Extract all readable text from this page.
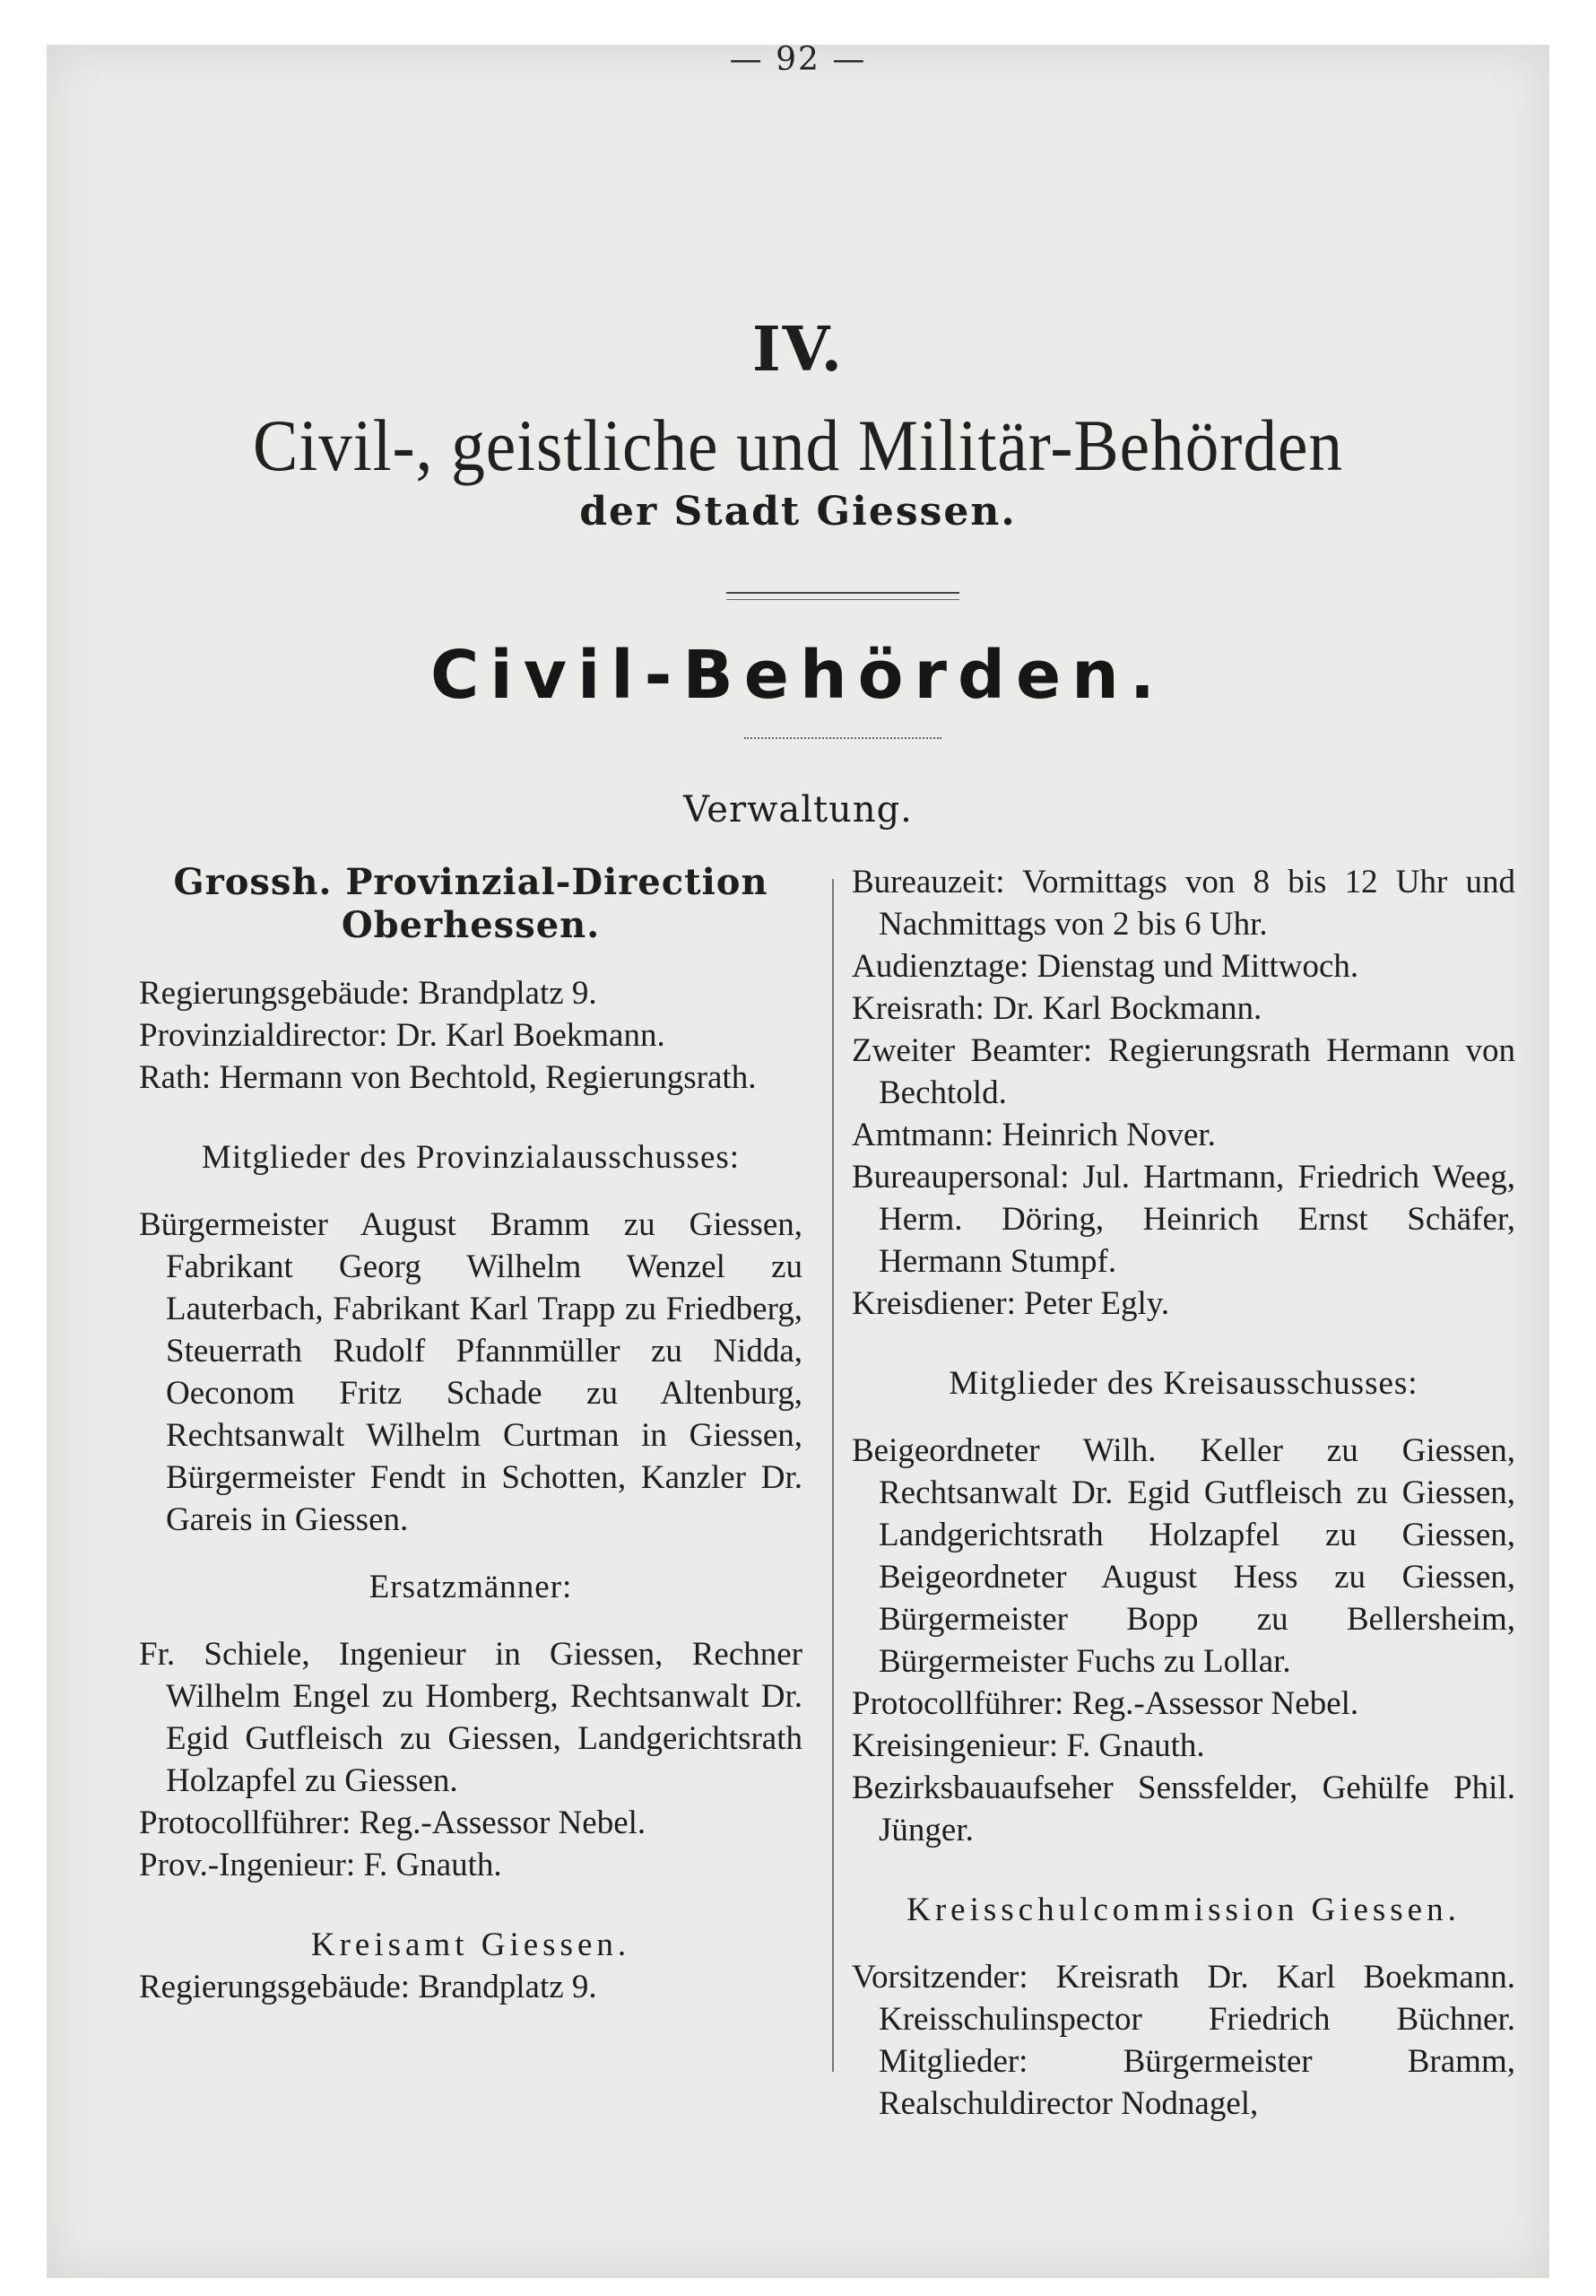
— 92 —
IV.
Civil-, geistliche und Militär-Behörden
der Stadt Giessen.
Civil-Behörden.
Verwaltung.

Grossh. Provinzial-Direction Oberhessen.

Regierungsgebäude: Brandplatz 9.

Provinzialdirector: Dr. Karl Boekmann.

Rath: Hermann von Bechtold, Regierungsrath.

Mitglieder des Provinzialausschusses:

Bürgermeister August Bramm zu Giessen, Fabrikant Georg Wilhelm Wenzel zu Lauterbach, Fabrikant Karl Trapp zu Friedberg, Steuerrath Rudolf Pfannmüller zu Nidda, Oeconom Fritz Schade zu Altenburg, Rechtsanwalt Wilhelm Curtman in Giessen, Bürgermeister Fendt in Schotten, Kanzler Dr. Gareis in Giessen.

Ersatzmänner:

Fr. Schiele, Ingenieur in Giessen, Rechner Wilhelm Engel zu Homberg, Rechtsanwalt Dr. Egid Gutfleisch zu Giessen, Landgerichtsrath Holzapfel zu Giessen.

Protocollführer: Reg.-Assessor Nebel.

Prov.-Ingenieur: F. Gnauth.

Kreisamt Giessen.

Regierungsgebäude: Brandplatz 9.

Bureauzeit: Vormittags von 8 bis 12 Uhr und Nachmittags von 2 bis 6 Uhr.

Audienztage: Dienstag und Mittwoch.

Kreisrath: Dr. Karl Bockmann.

Zweiter Beamter: Regierungsrath Hermann von Bechtold.

Amtmann: Heinrich Nover.

Bureaupersonal: Jul. Hartmann, Friedrich Weeg, Herm. Döring, Heinrich Ernst Schäfer, Hermann Stumpf.

Kreisdiener: Peter Egly.

Mitglieder des Kreisausschusses:

Beigeordneter Wilh. Keller zu Giessen, Rechtsanwalt Dr. Egid Gutfleisch zu Giessen, Landgerichtsrath Holzapfel zu Giessen, Beigeordneter August Hess zu Giessen, Bürgermeister Bopp zu Bellersheim, Bürgermeister Fuchs zu Lollar.

Protocollführer: Reg.-Assessor Nebel.

Kreisingenieur: F. Gnauth.

Bezirksbauaufseher Senssfelder, Gehülfe Phil. Jünger.

Kreisschulcommission Giessen.

Vorsitzender: Kreisrath Dr. Karl Boekmann. Kreisschulinspector Friedrich Büchner. Mitglieder: Bürgermeister Bramm, Realschuldirector Nodnagel,
